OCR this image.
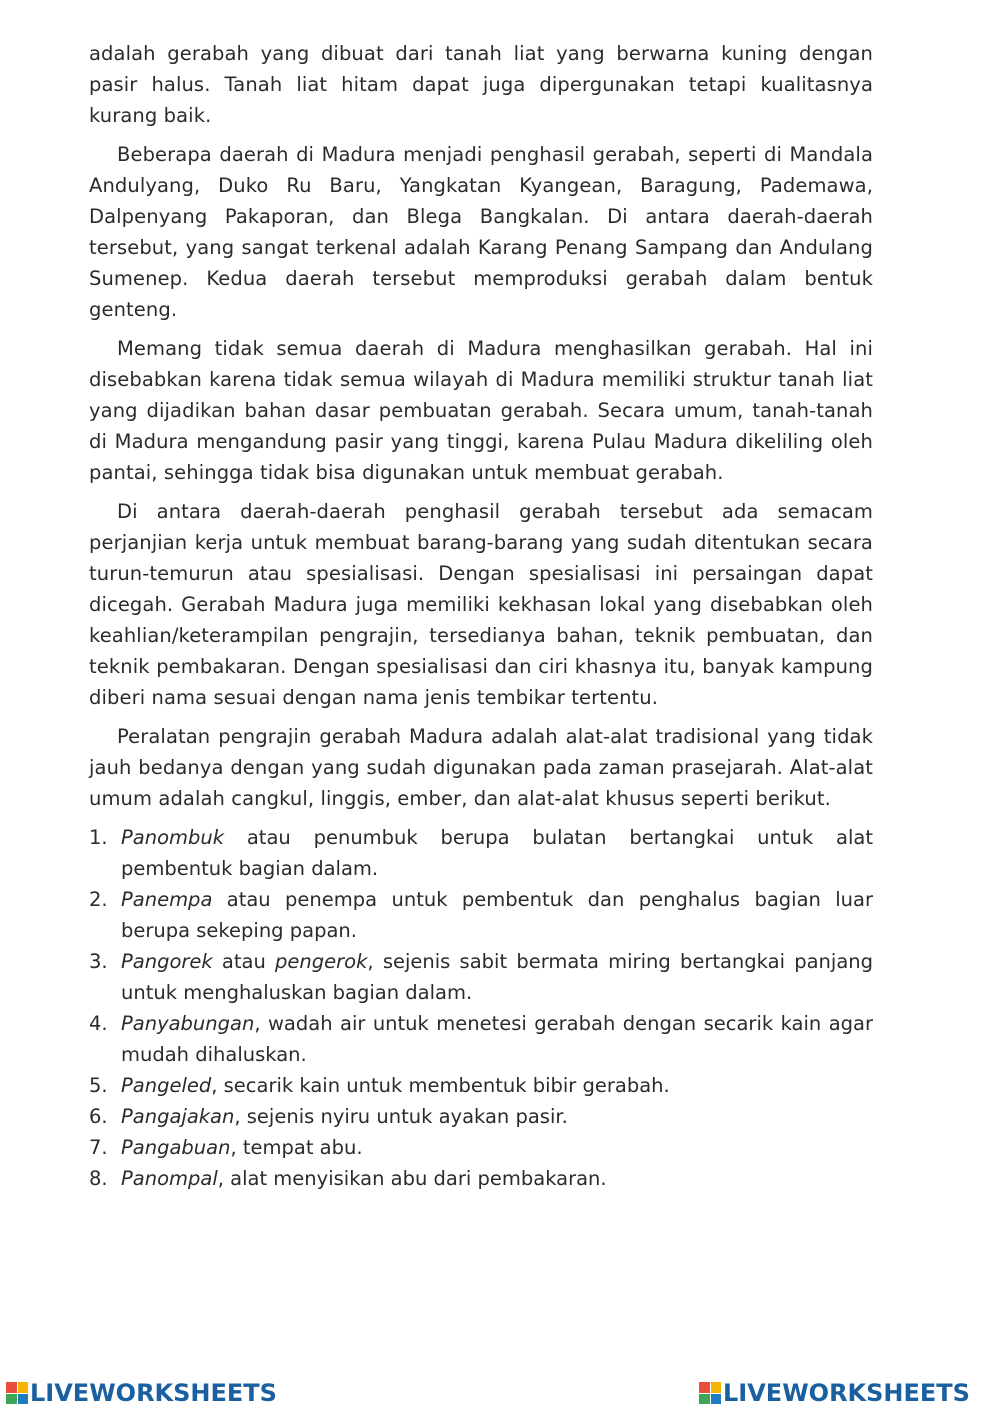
adalah gerabah yang dibuat dari tanah liat yang berwarna kuning dengan pasir halus. Tanah liat hitam dapat juga dipergunakan tetapi kualitasnya kurang baik.

Beberapa daerah di Madura menjadi penghasil gerabah, seperti di Mandala Andulyang, Duko Ru Baru, Yangkatan Kyangean, Baragung, Pademawa, Dalpenyang Pakaporan, dan Blega Bangkalan. Di antara daerah-daerah tersebut, yang sangat terkenal adalah Karang Penang Sampang dan Andulang Sumenep. Kedua daerah tersebut memproduksi gerabah dalam bentuk genteng.

Memang tidak semua daerah di Madura menghasilkan gerabah. Hal ini disebabkan karena tidak semua wilayah di Madura memiliki struktur tanah liat yang dijadikan bahan dasar pembuatan gerabah. Secara umum, tanah-tanah di Madura mengandung pasir yang tinggi, karena Pulau Madura dikeliling oleh pantai, sehingga tidak bisa digunakan untuk membuat gerabah.

Di antara daerah-daerah penghasil gerabah tersebut ada semacam perjanjian kerja untuk membuat barang-barang yang sudah ditentukan secara turun-temurun atau spesialisasi. Dengan spesialisasi ini persaingan dapat dicegah. Gerabah Madura juga memiliki kekhasan lokal yang disebabkan oleh keahlian/keterampilan pengrajin, tersedianya bahan, teknik pembuatan, dan teknik pembakaran. Dengan spesialisasi dan ciri khasnya itu, banyak kampung diberi nama sesuai dengan nama jenis tembikar tertentu.

Peralatan pengrajin gerabah Madura adalah alat-alat tradisional yang tidak jauh bedanya dengan yang sudah digunakan pada zaman prasejarah. Alat-alat umum adalah cangkul, linggis, ember, dan alat-alat khusus seperti berikut.

1. Panombuk atau penumbuk berupa bulatan bertangkai untuk alat pembentuk bagian dalam.
2. Panempa atau penempa untuk pembentuk dan penghalus bagian luar berupa sekeping papan.
3. Pangorek atau pengerok, sejenis sabit bermata miring bertangkai panjang untuk menghaluskan bagian dalam.
4. Panyabungan, wadah air untuk menetesi gerabah dengan secarik kain agar mudah dihaluskan.
5. Pangeled, secarik kain untuk membentuk bibir gerabah.
6. Pangajakan, sejenis nyiru untuk ayakan pasir.
7. Pangabuan, tempat abu.
8. Panompal, alat menyisikan abu dari pembakaran.
LIVEWORKSHEETS	LIVEWORKSHEETS
